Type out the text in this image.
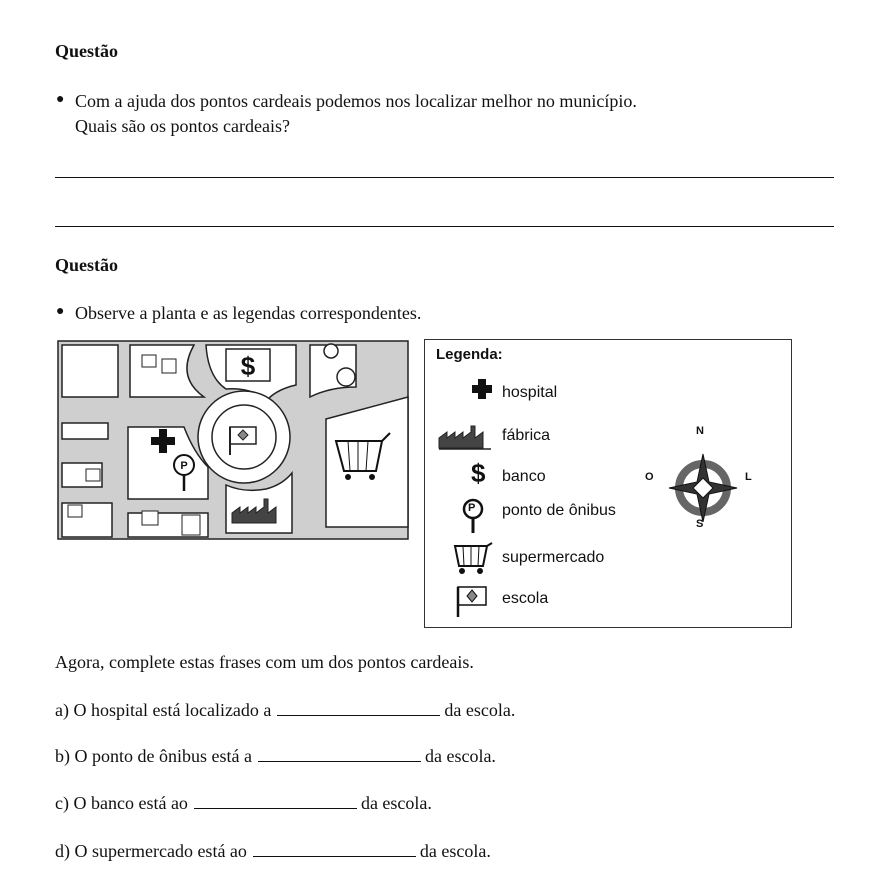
Questão
● Com a ajuda dos pontos cardeais podemos nos localizar melhor no município.
Quais são os pontos cardeais?
Questão
● Observe a planta e as legendas correspondentes.
$
P
Legenda:
hospital
fábrica
$ banco
P ponto de ônibus
supermercado
escola
N
S
L
O
Agora, complete estas frases com um dos pontos cardeais.
a) O hospital está localizado a	da escola.
b) O ponto de ônibus está a	da escola.
c) O banco está ao	da escola.
d) O supermercado está ao	da escola.
